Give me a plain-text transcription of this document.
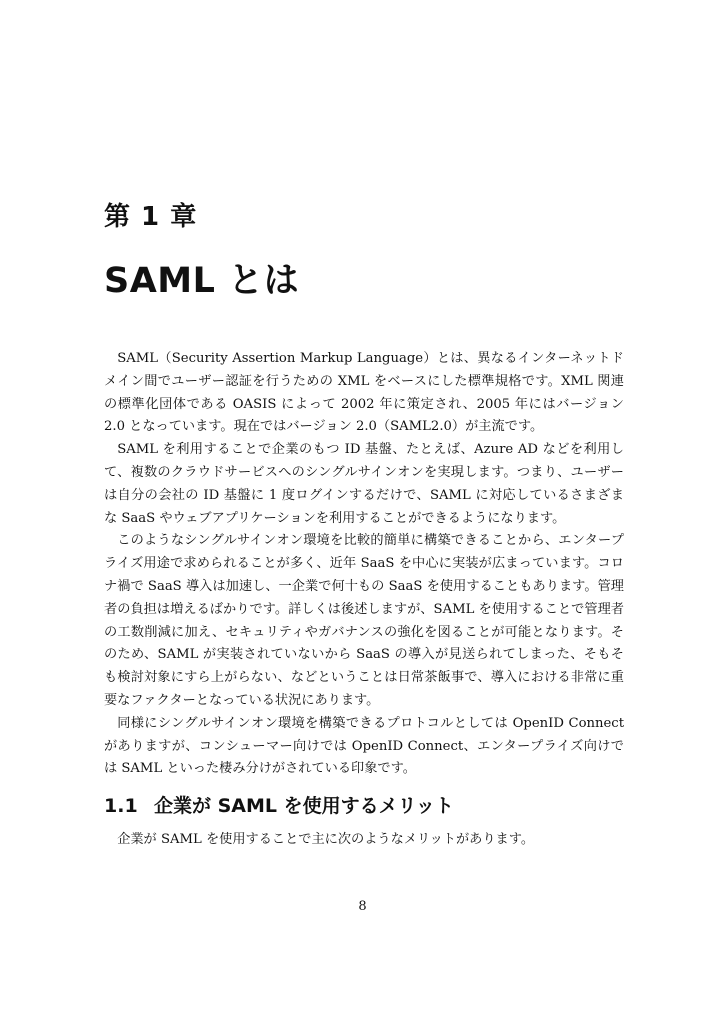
第 1 章
SAML とは

SAML（Security Assertion Markup Language）とは、異なるインターネットドメイン間でユーザー認証を行うための XML をベースにした標準規格です。XML 関連の標準化団体である OASIS によって 2002 年に策定され、2005 年にはバージョン 2.0 となっています。現在ではバージョン 2.0（SAML2.0）が主流です。

SAML を利用することで企業のもつ ID 基盤、たとえば、Azure AD などを利用して、複数のクラウドサービスへのシングルサインオンを実現します。つまり、ユーザーは自分の会社の ID 基盤に 1 度ログインするだけで、SAML に対応しているさまざまな SaaS やウェブアプリケーションを利用することができるようになります。

このようなシングルサインオン環境を比較的簡単に構築できることから、エンタープライズ用途で求められることが多く、近年 SaaS を中心に実装が広まっています。コロナ禍で SaaS 導入は加速し、一企業で何十もの SaaS を使用することもあります。管理者の負担は増えるばかりです。詳しくは後述しますが、SAML を使用することで管理者の工数削減に加え、セキュリティやガバナンスの強化を図ることが可能となります。そのため、SAML が実装されていないから SaaS の導入が見送られてしまった、そもそも検討対象にすら上がらない、などということは日常茶飯事で、導入における非常に重要なファクターとなっている状況にあります。

同様にシングルサインオン環境を構築できるプロトコルとしては OpenID Connect がありますが、コンシューマー向けでは OpenID Connect、エンタープライズ向けでは SAML といった棲み分けがされている印象です。

1.1 企業が SAML を使用するメリット

企業が SAML を使用することで主に次のようなメリットがあります。

8
